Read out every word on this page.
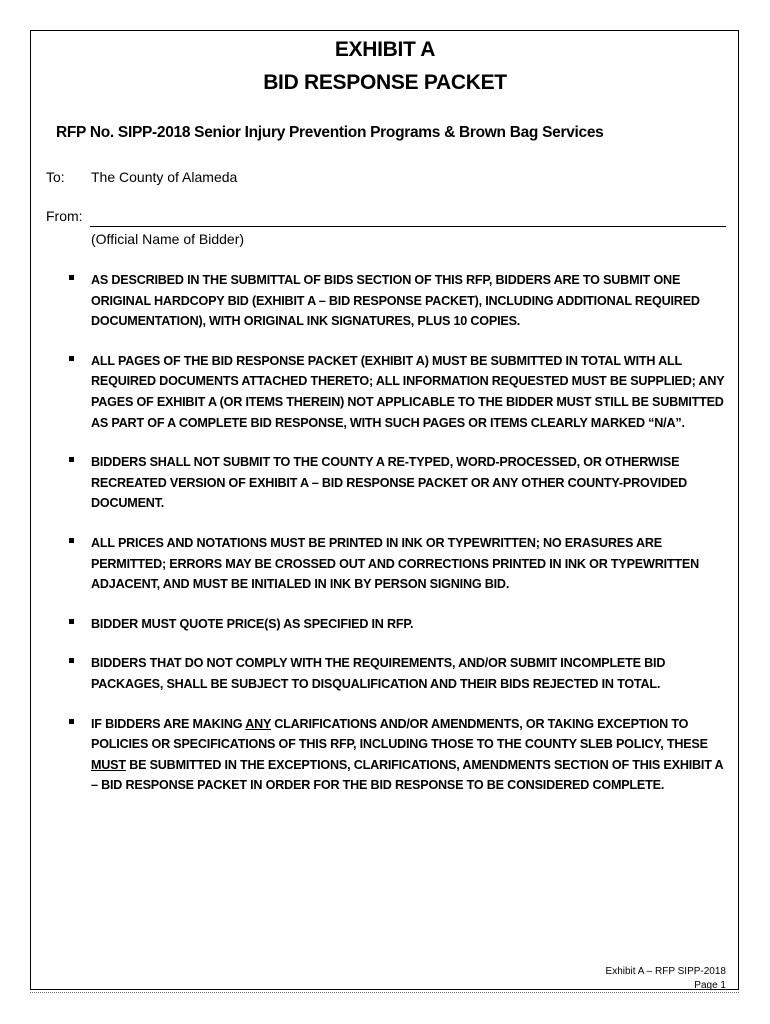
EXHIBIT A
BID RESPONSE PACKET
RFP No. SIPP-2018 Senior Injury Prevention Programs & Brown Bag Services
To: The County of Alameda
From:
(Official Name of Bidder)
AS DESCRIBED IN THE SUBMITTAL OF BIDS SECTION OF THIS RFP, BIDDERS ARE TO SUBMIT ONE ORIGINAL HARDCOPY BID (EXHIBIT A – BID RESPONSE PACKET), INCLUDING ADDITIONAL REQUIRED DOCUMENTATION), WITH ORIGINAL INK SIGNATURES, PLUS 10 COPIES.
ALL PAGES OF THE BID RESPONSE PACKET (EXHIBIT A) MUST BE SUBMITTED IN TOTAL WITH ALL REQUIRED DOCUMENTS ATTACHED THERETO; ALL INFORMATION REQUESTED MUST BE SUPPLIED; ANY PAGES OF EXHIBIT A (OR ITEMS THEREIN) NOT APPLICABLE TO THE BIDDER MUST STILL BE SUBMITTED AS PART OF A COMPLETE BID RESPONSE, WITH SUCH PAGES OR ITEMS CLEARLY MARKED “N/A”.
BIDDERS SHALL NOT SUBMIT TO THE COUNTY A RE-TYPED, WORD-PROCESSED, OR OTHERWISE RECREATED VERSION OF EXHIBIT A – BID RESPONSE PACKET OR ANY OTHER COUNTY-PROVIDED DOCUMENT.
ALL PRICES AND NOTATIONS MUST BE PRINTED IN INK OR TYPEWRITTEN; NO ERASURES ARE PERMITTED; ERRORS MAY BE CROSSED OUT AND CORRECTIONS PRINTED IN INK OR TYPEWRITTEN ADJACENT, AND MUST BE INITIALED IN INK BY PERSON SIGNING BID.
BIDDER MUST QUOTE PRICE(S) AS SPECIFIED IN RFP.
BIDDERS THAT DO NOT COMPLY WITH THE REQUIREMENTS, AND/OR SUBMIT INCOMPLETE BID PACKAGES, SHALL BE SUBJECT TO DISQUALIFICATION AND THEIR BIDS REJECTED IN TOTAL.
IF BIDDERS ARE MAKING ANY CLARIFICATIONS AND/OR AMENDMENTS, OR TAKING EXCEPTION TO POLICIES OR SPECIFICATIONS OF THIS RFP, INCLUDING THOSE TO THE COUNTY SLEB POLICY, THESE MUST BE SUBMITTED IN THE EXCEPTIONS, CLARIFICATIONS, AMENDMENTS SECTION OF THIS EXHIBIT A – BID RESPONSE PACKET IN ORDER FOR THE BID RESPONSE TO BE CONSIDERED COMPLETE.
Exhibit A – RFP SIPP-2018
Page 1
